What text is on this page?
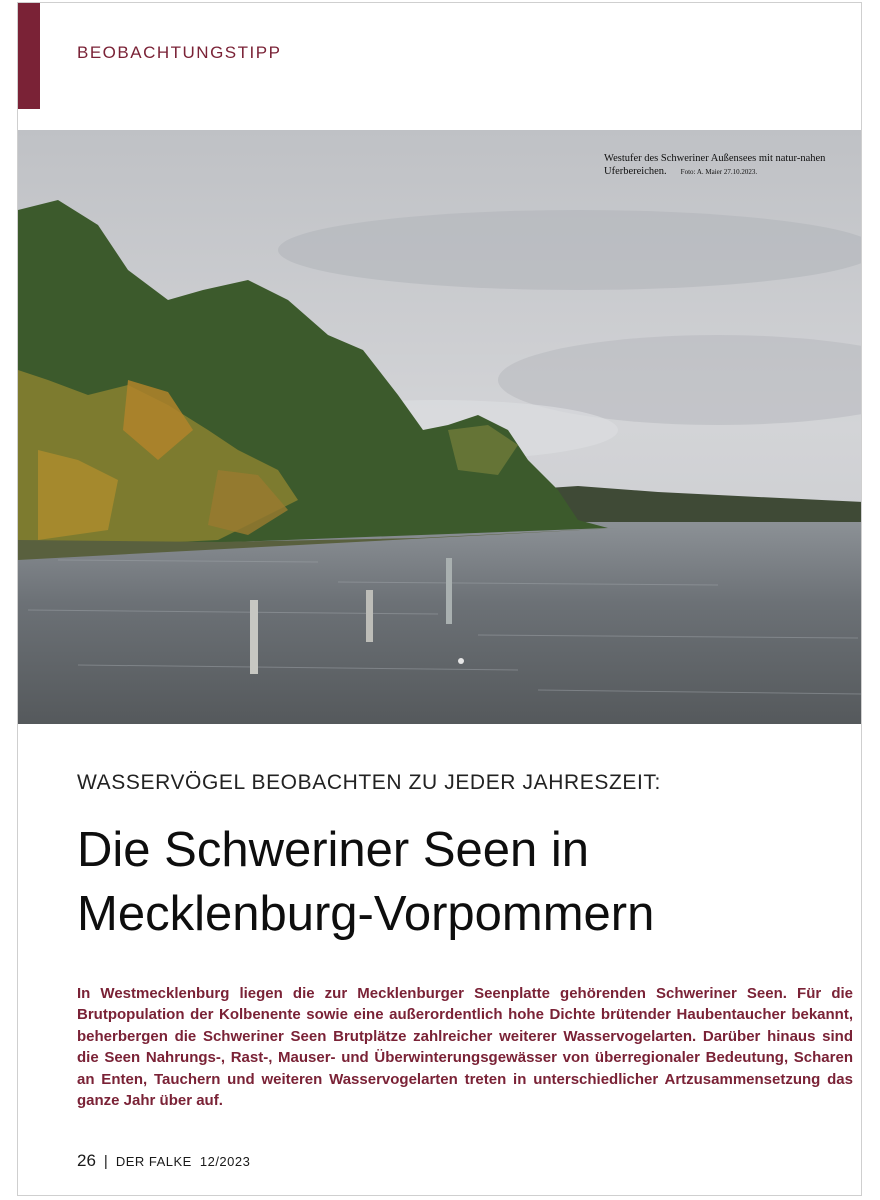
BEOBACHTUNGSTIPP
Westufer des Schweriner Außensees mit natur-nahen Uferbereichen. Foto: A. Maier 27.10.2023.
WASSERVÖGEL BEOBACHTEN ZU JEDER JAHRESZEIT:
Die Schweriner Seen in
Mecklenburg-Vorpommern

In Westmecklenburg liegen die zur Mecklenburger Seenplatte gehörenden Schweriner Seen. Für die Brutpopulation der Kolbenente sowie eine außerordentlich hohe Dichte brütender Haubentaucher bekannt, beherbergen die Schweriner Seen Brutplätze zahlreicher weiterer Wasservogelarten. Darüber hinaus sind die Seen Nahrungs-, Rast-, Mauser- und Überwinterungsgewässer von überregionaler Bedeutung, Scharen an Enten, Tauchern und weiteren Wasservogelarten treten in unterschiedlicher Artzusammensetzung das ganze Jahr über auf.

26 | DER FALKE 12/2023
